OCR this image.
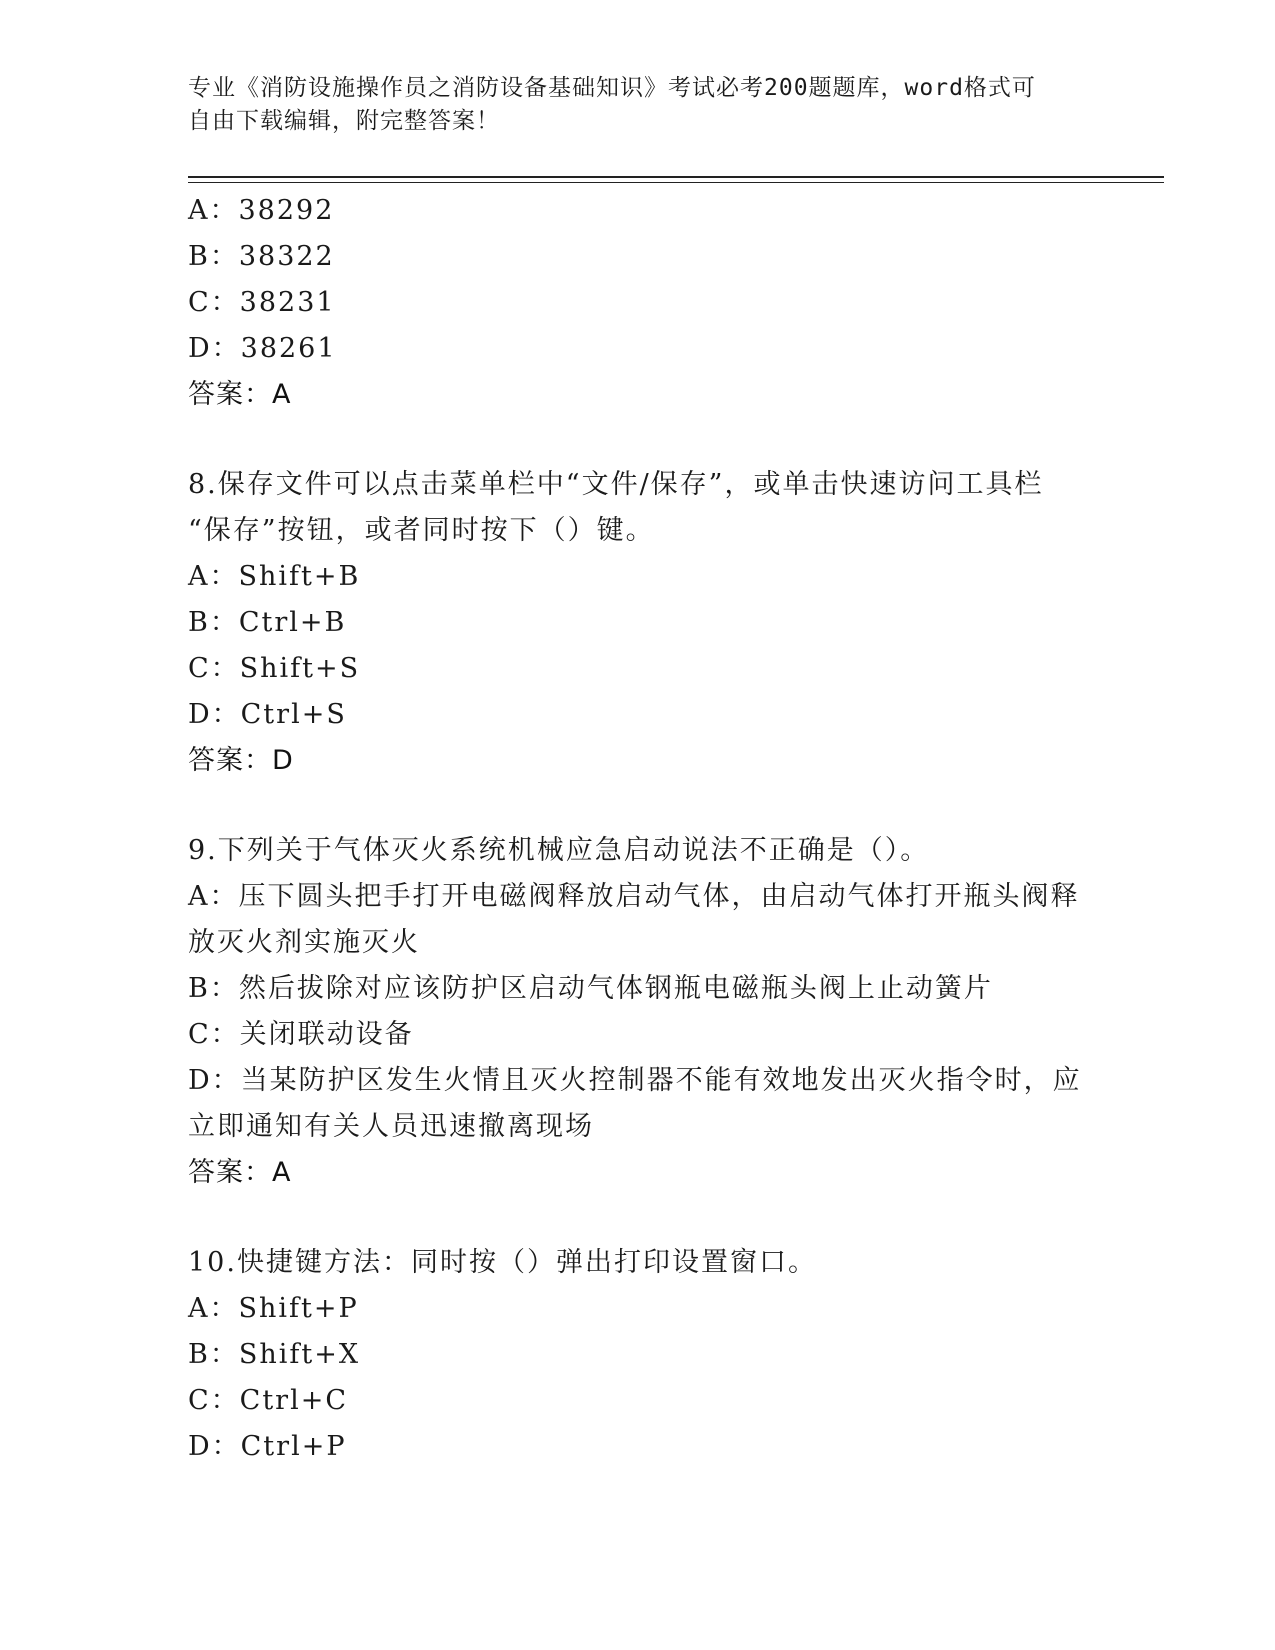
专业《消防设施操作员之消防设备基础知识》考试必考200题题库，word格式可
自由下载编辑，附完整答案！
A：38292
B：38322
C：38231
D：38261
答案：A
8.保存文件可以点击菜单栏中“文件/保存”，或单击快速访问工具栏
“保存”按钮，或者同时按下（）键。
A：Shift+B
B：Ctrl+B
C：Shift+S
D：Ctrl+S
答案：D
9.下列关于气体灭火系统机械应急启动说法不正确是（）。
A：压下圆头把手打开电磁阀释放启动气体，由启动气体打开瓶头阀释
放灭火剂实施灭火
B：然后拔除对应该防护区启动气体钢瓶电磁瓶头阀上止动簧片
C：关闭联动设备
D：当某防护区发生火情且灭火控制器不能有效地发出灭火指令时，应
立即通知有关人员迅速撤离现场
答案：A
10.快捷键方法：同时按（）弹出打印设置窗口。
A：Shift+P
B：Shift+X
C：Ctrl+C
D：Ctrl+P
